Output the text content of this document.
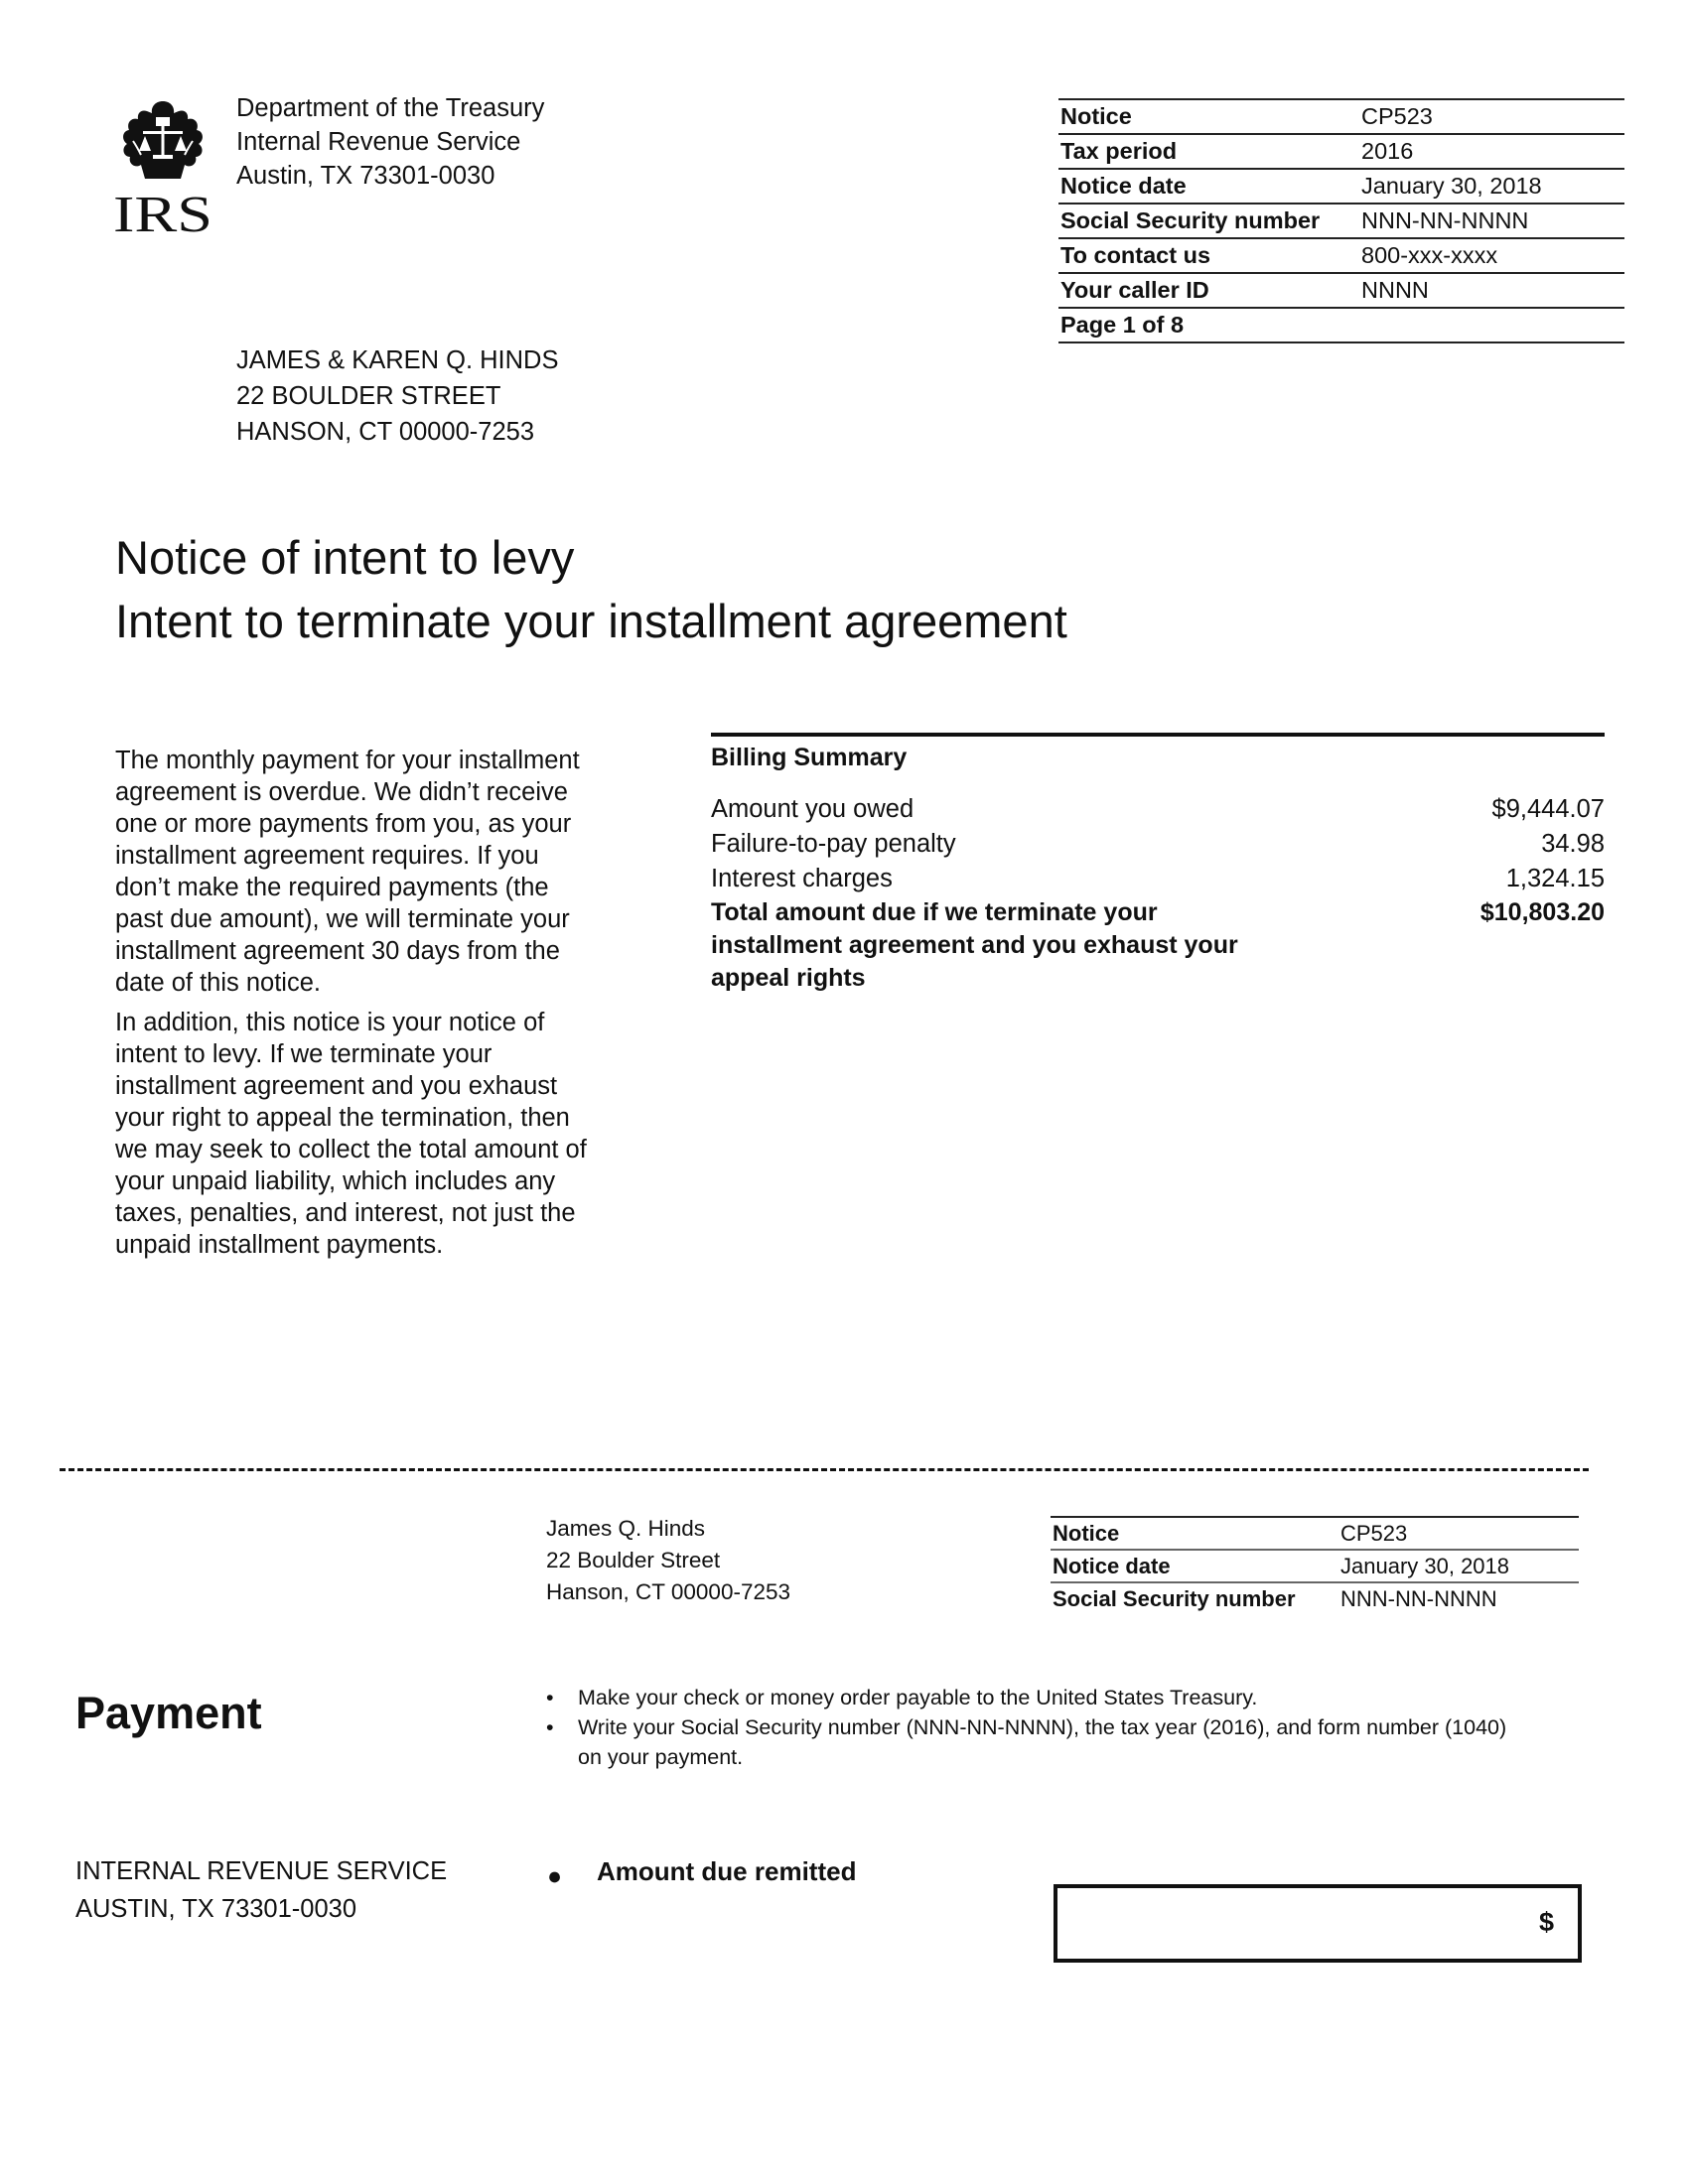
IRS
Department of the Treasury
Internal Revenue Service
Austin, TX 73301-0030
Notice	CP523
Tax period	2016
Notice date	January 30, 2018
Social Security number	NNN-NN-NNNN
To contact us	800-xxx-xxxx
Your caller ID	NNNN
Page 1 of 8	
JAMES & KAREN Q. HINDS
22 BOULDER STREET
HANSON, CT 00000-7253
Notice of intent to levy
Intent to terminate your installment agreement

The monthly payment for your installment agreement is overdue. We didn’t receive one or more payments from you, as your installment agreement requires. If you don’t make the required payments (the past due amount), we will terminate your installment agreement 30 days from the date of this notice.

In addition, this notice is your notice of intent to levy. If we terminate your installment agreement and you exhaust your right to appeal the termination, then we may seek to collect the total amount of your unpaid liability, which includes any taxes, penalties, and interest, not just the unpaid installment payments.

Billing Summary
Amount you owed	$9,444.07
Failure-to-pay penalty	34.98
Interest charges	1,324.15
Total amount due if we terminate your installment agreement and you exhaust your appeal rights
$10,803.20
James Q. Hinds
22 Boulder Street
Hanson, CT 00000-7253
Notice	CP523
Notice date	January 30, 2018
Social Security number	NNN-NN-NNNN
Payment	• Make your check or money order payable to the United States Treasury.
• Write your Social Security number (NNN-NN-NNNN), the tax year (2016), and form number (1040) on your payment.
INTERNAL REVENUE SERVICE
AUSTIN, TX 73301-0030
● Amount due remitted
$
